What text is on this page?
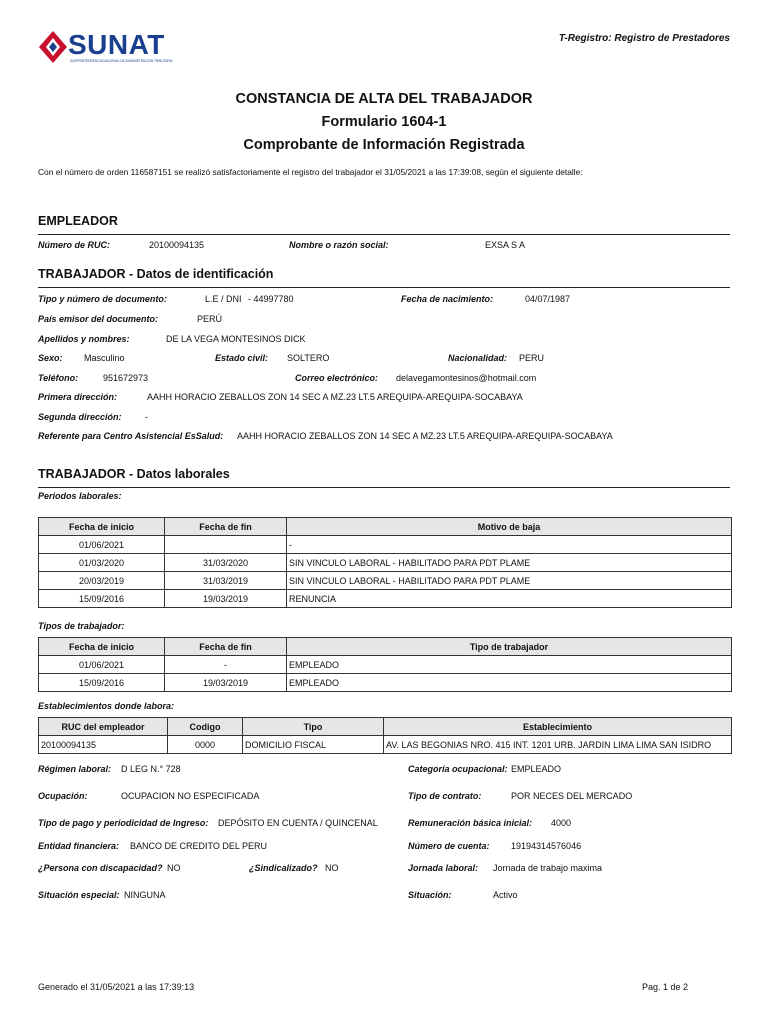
SUNAT
SUPERINTENDENCIA NACIONAL DE ADMINISTRACION TRIBUTARIA
T-Registro: Registro de Prestadores
CONSTANCIA DE ALTA DEL TRABAJADOR
Formulario 1604-1
Comprobante de Información Registrada
Con el número de orden 116587151 se realizó satisfactoriamente el registro del trabajador el 31/05/2021 a las 17:39:08, según el siguiente detalle:
EMPLEADOR
Número de RUC:	20100094135	Nombre o razón social:	EXSA S A
TRABAJADOR - Datos de identificación
Tipo y número de documento:	L.E / DNI - 44997780	Fecha de nacimiento:	04/07/1987
País emisor del documento:	PERÚ
Apellidos y nombres:	DE LA VEGA MONTESINOS DICK
Sexo: Masculino	Estado civil: SOLTERO	Nacionalidad: PERU
Teléfono:	951672973	Correo electrónico: delavegamontesinos@hotmail.com
Primera dirección:	AAHH HORACIO ZEBALLOS ZON 14 SEC A MZ.23 LT.5 AREQUIPA-AREQUIPA-SOCABAYA
Segunda dirección:	-
Referente para Centro Asistencial EsSalud: AAHH HORACIO ZEBALLOS ZON 14 SEC A MZ.23 LT.5 AREQUIPA-AREQUIPA-SOCABAYA
TRABAJADOR - Datos laborales
Periodos laborales:
Fecha de inicio	Fecha de fin	Motivo de baja
01/06/2021		-
01/03/2020	31/03/2020	SIN VINCULO LABORAL - HABILITADO PARA PDT PLAME
20/03/2019	31/03/2019	SIN VINCULO LABORAL - HABILITADO PARA PDT PLAME
15/09/2016	19/03/2019	RENUNCIA
Tipos de trabajador:
Fecha de inicio	Fecha de fin	Tipo de trabajador
01/06/2021	-	EMPLEADO
15/09/2016	19/03/2019	EMPLEADO
Establecimientos donde labora:
RUC del empleador	Codigo	Tipo	Establecimiento
20100094135	0000	DOMICILIO FISCAL	AV. LAS BEGONIAS NRO. 415 INT. 1201 URB. JARDIN LIMA LIMA SAN ISIDRO
Régimen laboral: D LEG N.° 728	Categoría ocupacional: EMPLEADO
Ocupación:	OCUPACION NO ESPECIFICADA	Tipo de contrato:	POR NECES DEL MERCADO
Tipo de pago y periodicidad de Ingreso: DEPÓSITO EN CUENTA / QUINCENAL	Remuneración básica inicial: 4000
Entidad financiera: BANCO DE CREDITO DEL PERU	Número de cuenta: 19194314576046
¿Persona con discapacidad? NO	¿Sindicalizado? NO	Jornada laboral: Jornada de trabajo maxima
Situación especial: NINGUNA	Situación:	Activo
Generado el 31/05/2021 a las 17:39:13	Pag. 1 de 2
